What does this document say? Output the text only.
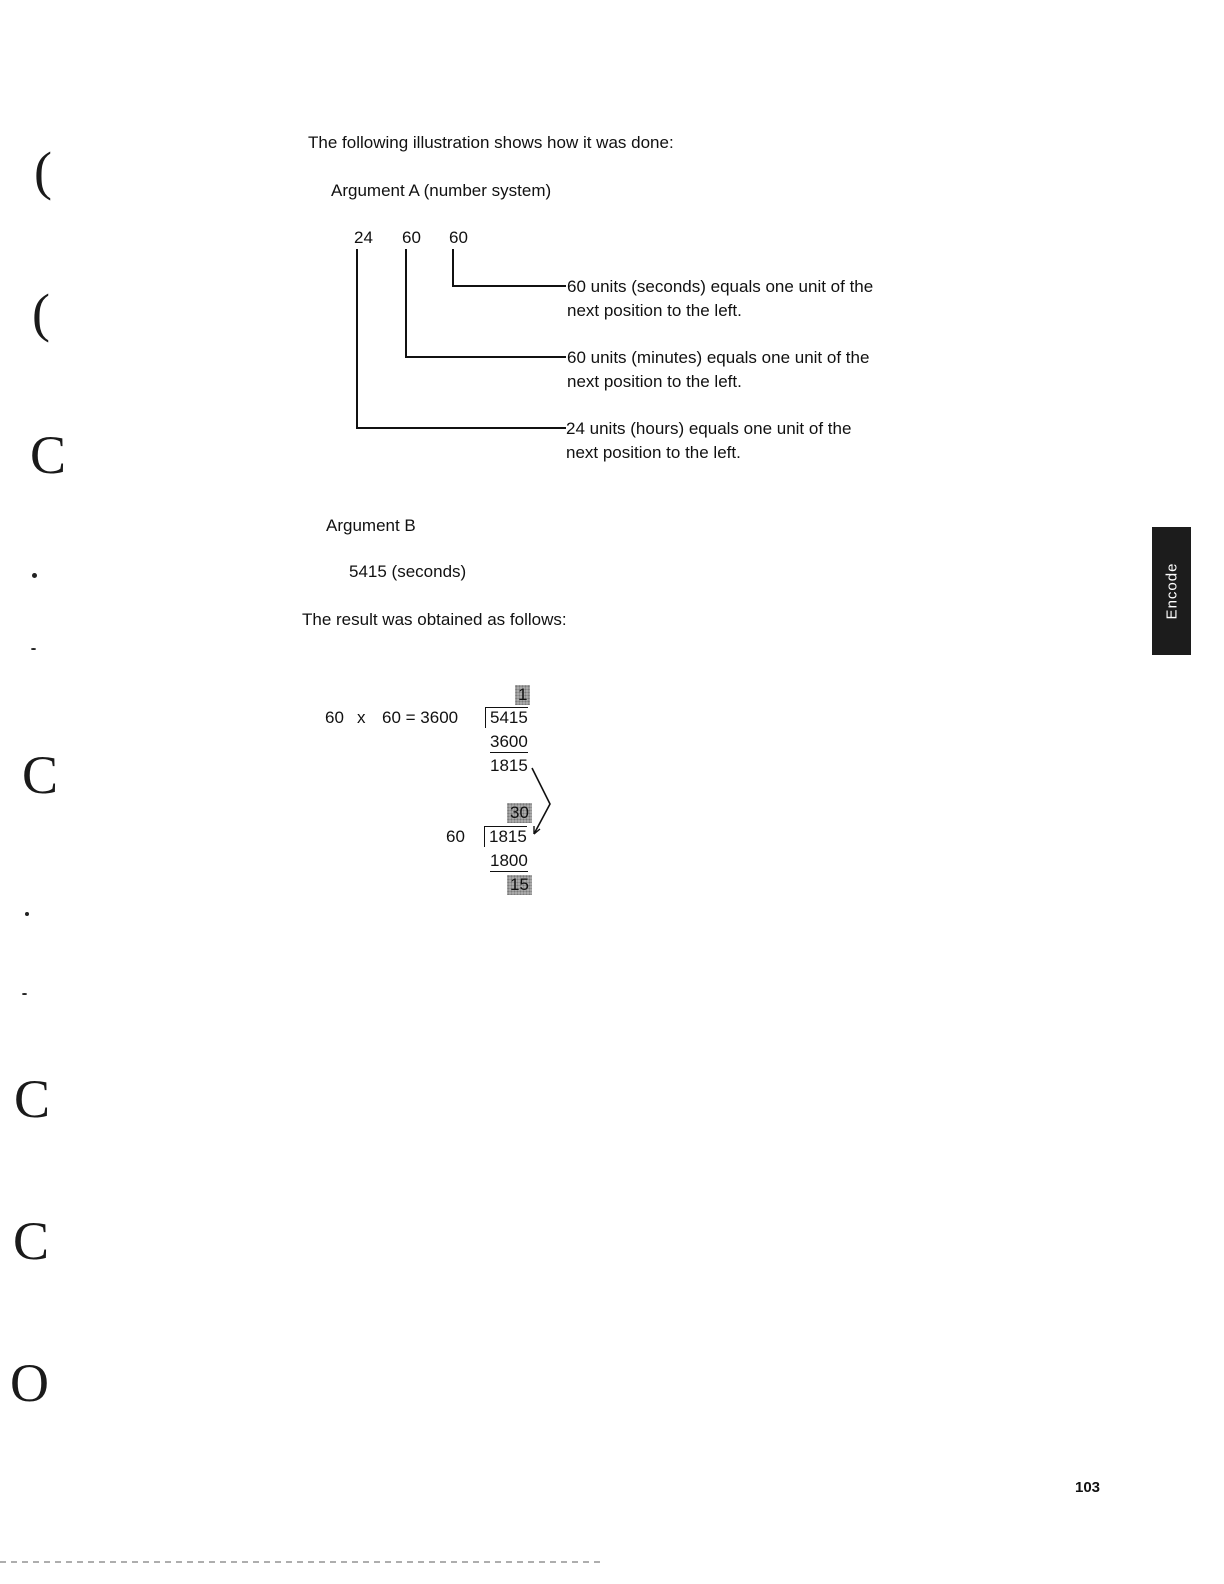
(
(
C
C
C
C
O
The following illustration shows how it was done:
Argument A (number system)
24 60 60
60 units (seconds) equals one unit of the
next position to the left.
60 units (minutes) equals one unit of the
next position to the left.
24 units (hours) equals one unit of the
next position to the left.
Argument B
5415 (seconds)
The result was obtained as follows:
1
60 x 60 = 3600 5415
3600
1815
30
60 1815
1800
15
Encode
103
